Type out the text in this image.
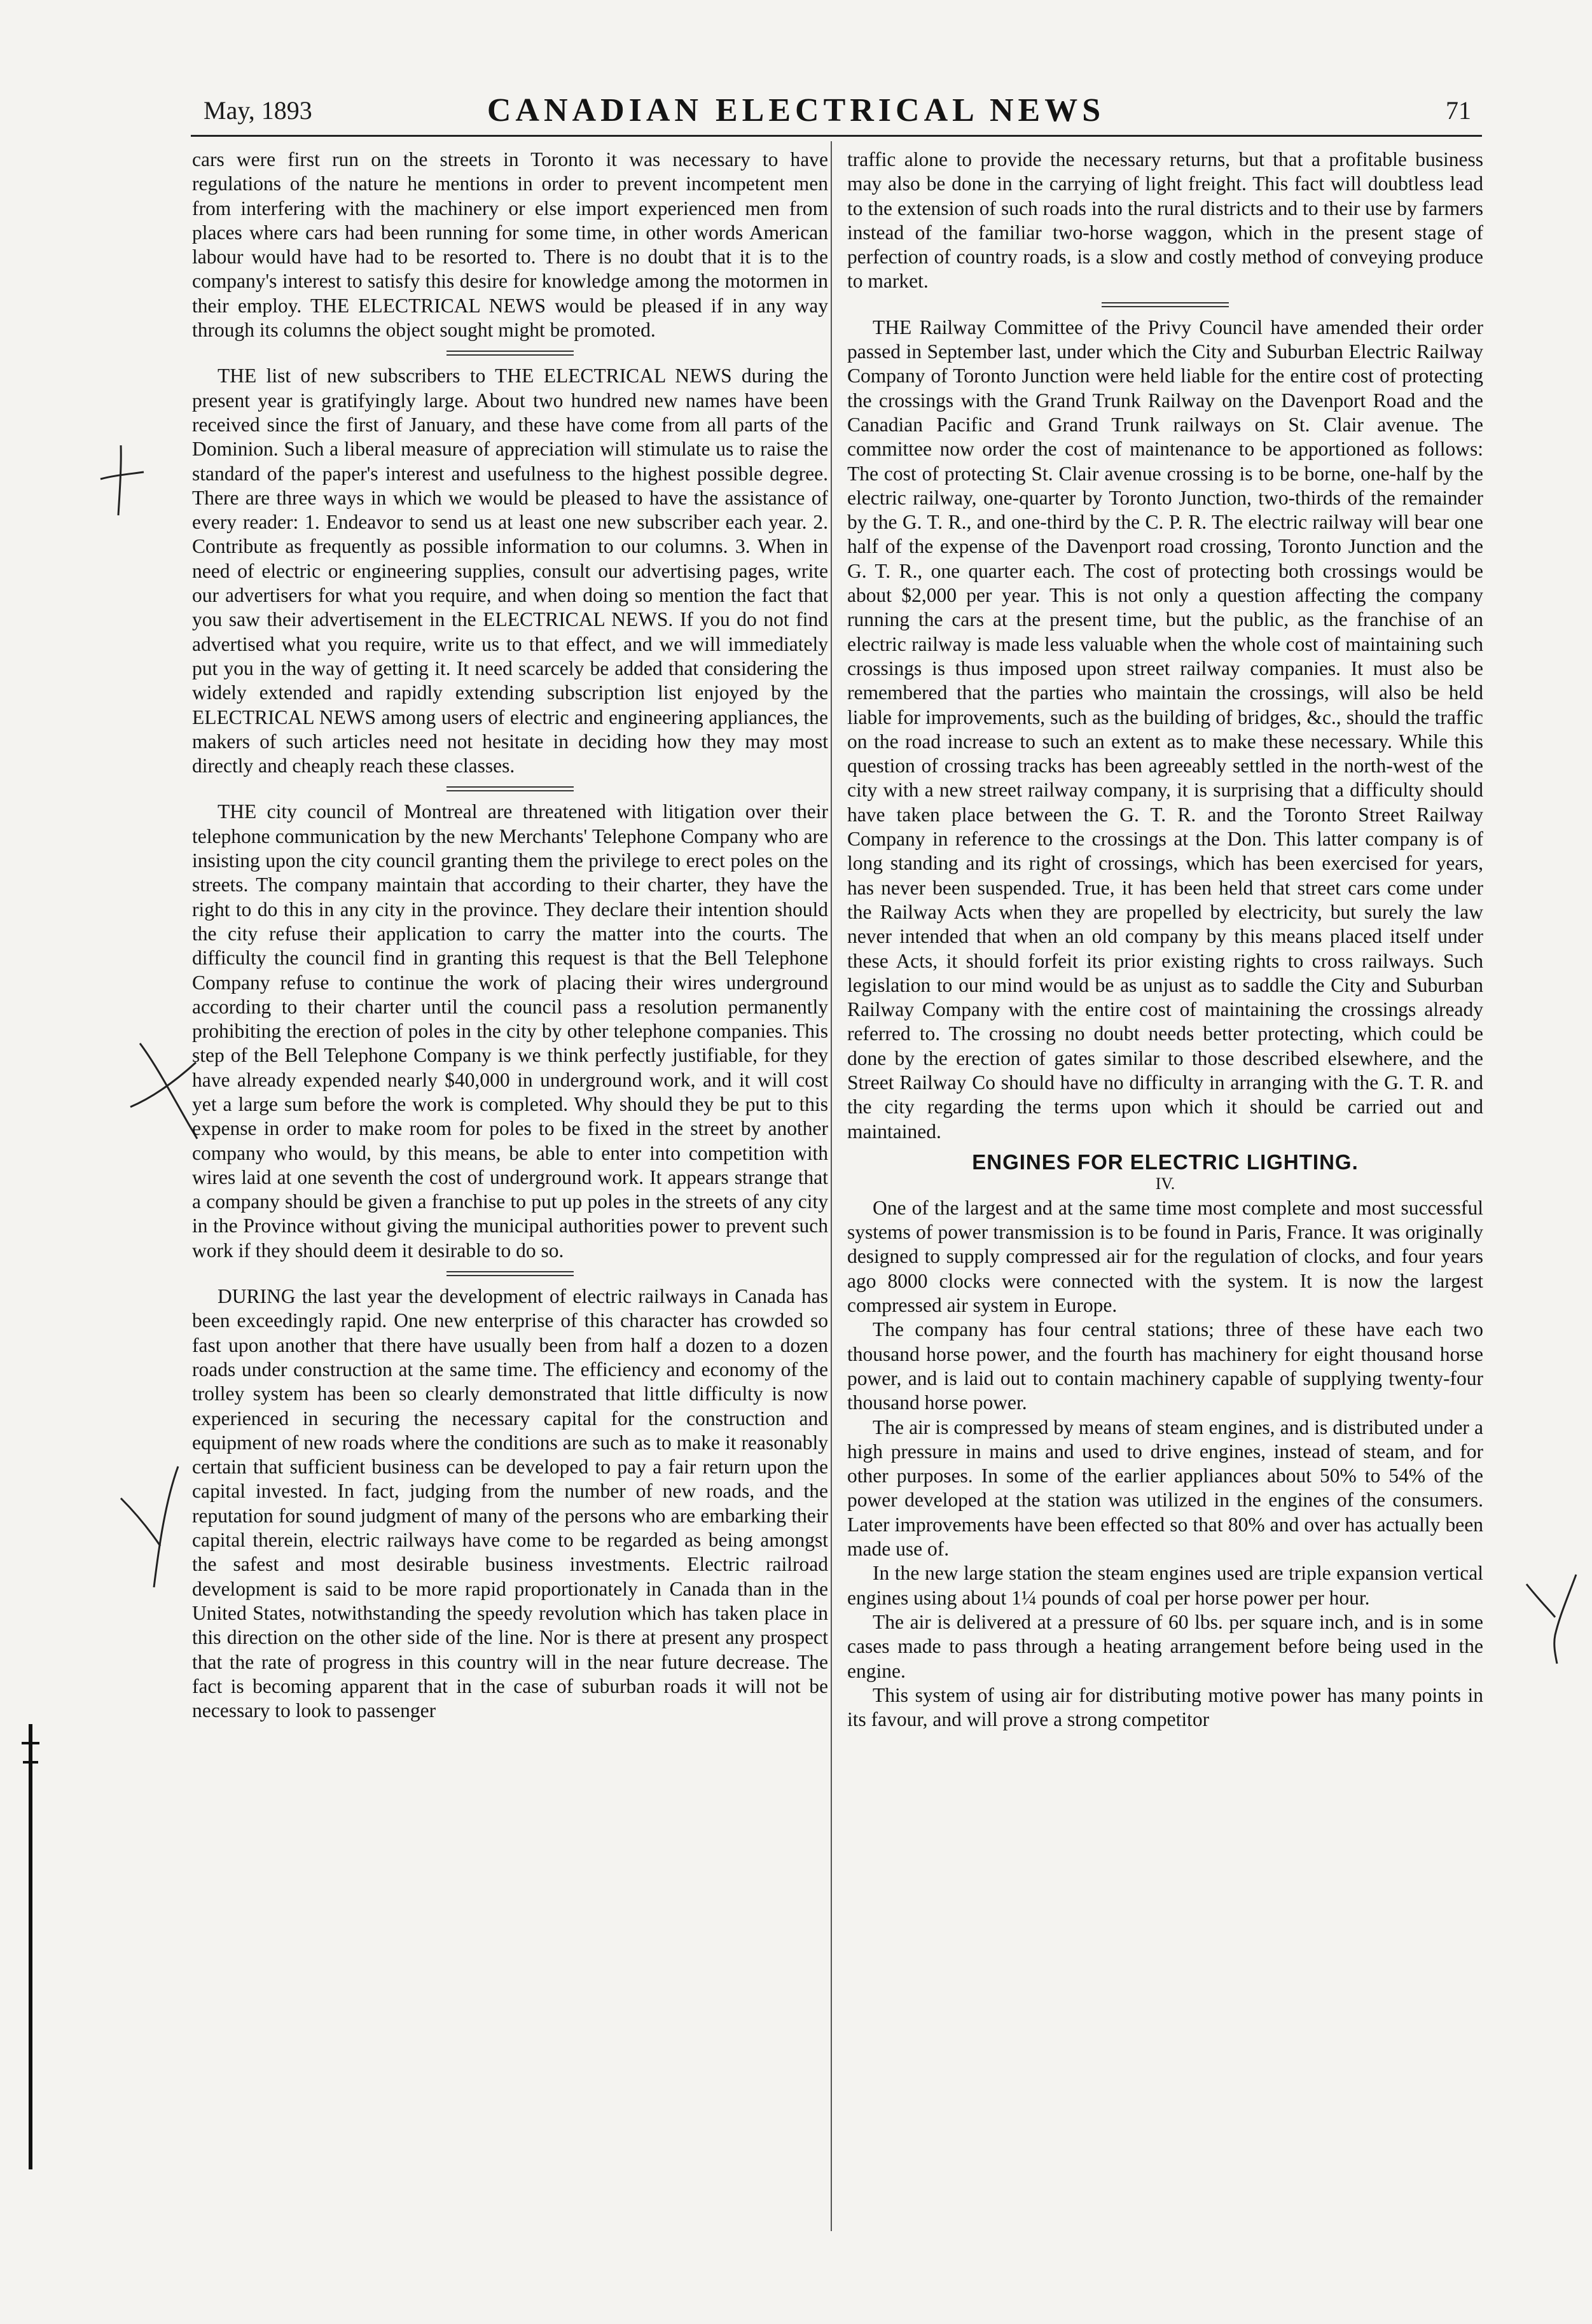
May, 1893	CANADIAN ELECTRICAL NEWS	71

cars were first run on the streets in Toronto it was necessary to have regulations of the nature he mentions in order to prevent incompetent men from interfering with the machinery or else import experienced men from places where cars had been running for some time, in other words American labour would have had to be resorted to. There is no doubt that it is to the company's interest to satisfy this desire for knowledge among the motormen in their employ. THE ELECTRICAL NEWS would be pleased if in any way through its columns the object sought might be promoted.

THE list of new subscribers to THE ELECTRICAL NEWS during the present year is gratifyingly large. About two hundred new names have been received since the first of January, and these have come from all parts of the Dominion. Such a liberal measure of appreciation will stimulate us to raise the standard of the paper's interest and usefulness to the highest possible degree. There are three ways in which we would be pleased to have the assistance of every reader: 1. Endeavor to send us at least one new subscriber each year. 2. Contribute as frequently as possible information to our columns. 3. When in need of electric or engineering supplies, consult our advertising pages, write our advertisers for what you require, and when doing so mention the fact that you saw their advertisement in the ELECTRICAL NEWS. If you do not find advertised what you require, write us to that effect, and we will immediately put you in the way of getting it. It need scarcely be added that considering the widely extended and rapidly extending subscription list enjoyed by the ELECTRICAL NEWS among users of electric and engineering appliances, the makers of such articles need not hesitate in deciding how they may most directly and cheaply reach these classes.

THE city council of Montreal are threatened with litigation over their telephone communication by the new Merchants' Telephone Company who are insisting upon the city council granting them the privilege to erect poles on the streets. The company maintain that according to their charter, they have the right to do this in any city in the province. They declare their intention should the city refuse their application to carry the matter into the courts. The difficulty the council find in granting this request is that the Bell Telephone Company refuse to continue the work of placing their wires underground according to their charter until the council pass a resolution permanently prohibiting the erection of poles in the city by other telephone companies. This step of the Bell Telephone Company is we think perfectly justifiable, for they have already expended nearly $40,000 in underground work, and it will cost yet a large sum before the work is completed. Why should they be put to this expense in order to make room for poles to be fixed in the street by another company who would, by this means, be able to enter into competition with wires laid at one seventh the cost of underground work. It appears strange that a company should be given a franchise to put up poles in the streets of any city in the Province without giving the municipal authorities power to prevent such work if they should deem it desirable to do so.

DURING the last year the development of electric railways in Canada has been exceedingly rapid. One new enterprise of this character has crowded so fast upon another that there have usually been from half a dozen to a dozen roads under construction at the same time. The efficiency and economy of the trolley system has been so clearly demonstrated that little difficulty is now experienced in securing the necessary capital for the construction and equipment of new roads where the conditions are such as to make it reasonably certain that sufficient business can be developed to pay a fair return upon the capital invested. In fact, judging from the number of new roads, and the reputation for sound judgment of many of the persons who are embarking their capital therein, electric railways have come to be regarded as being amongst the safest and most desirable business investments. Electric railroad development is said to be more rapid proportionately in Canada than in the United States, notwithstanding the speedy revolution which has taken place in this direction on the other side of the line. Nor is there at present any prospect that the rate of progress in this country will in the near future decrease. The fact is becoming apparent that in the case of suburban roads it will not be necessary to look to passenger

traffic alone to provide the necessary returns, but that a profitable business may also be done in the carrying of light freight. This fact will doubtless lead to the extension of such roads into the rural districts and to their use by farmers instead of the familiar two-horse waggon, which in the present stage of perfection of country roads, is a slow and costly method of conveying produce to market.

THE Railway Committee of the Privy Council have amended their order passed in September last, under which the City and Suburban Electric Railway Company of Toronto Junction were held liable for the entire cost of protecting the crossings with the Grand Trunk Railway on the Davenport Road and the Canadian Pacific and Grand Trunk railways on St. Clair avenue. The committee now order the cost of maintenance to be apportioned as follows: The cost of protecting St. Clair avenue crossing is to be borne, one-half by the electric railway, one-quarter by Toronto Junction, two-thirds of the remainder by the G. T. R., and one-third by the C. P. R. The electric railway will bear one half of the expense of the Davenport road crossing, Toronto Junction and the G. T. R., one quarter each. The cost of protecting both crossings would be about $2,000 per year. This is not only a question affecting the company running the cars at the present time, but the public, as the franchise of an electric railway is made less valuable when the whole cost of maintaining such crossings is thus imposed upon street railway companies. It must also be remembered that the parties who maintain the crossings, will also be held liable for improvements, such as the building of bridges, &c., should the traffic on the road increase to such an extent as to make these necessary. While this question of crossing tracks has been agreeably settled in the north-west of the city with a new street railway company, it is surprising that a difficulty should have taken place between the G. T. R. and the Toronto Street Railway Company in reference to the crossings at the Don. This latter company is of long standing and its right of crossings, which has been exercised for years, has never been suspended. True, it has been held that street cars come under the Railway Acts when they are propelled by electricity, but surely the law never intended that when an old company by this means placed itself under these Acts, it should forfeit its prior existing rights to cross railways. Such legislation to our mind would be as unjust as to saddle the City and Suburban Railway Company with the entire cost of maintaining the crossings already referred to. The crossing no doubt needs better protecting, which could be done by the erection of gates similar to those described elsewhere, and the Street Railway Co should have no difficulty in arranging with the G. T. R. and the city regarding the terms upon which it should be carried out and maintained.

ENGINES FOR ELECTRIC LIGHTING.
IV.

One of the largest and at the same time most complete and most successful systems of power transmission is to be found in Paris, France. It was originally designed to supply compressed air for the regulation of clocks, and four years ago 8000 clocks were connected with the system. It is now the largest compressed air system in Europe.

The company has four central stations; three of these have each two thousand horse power, and the fourth has machinery for eight thousand horse power, and is laid out to contain machinery capable of supplying twenty-four thousand horse power.

The air is compressed by means of steam engines, and is distributed under a high pressure in mains and used to drive engines, instead of steam, and for other purposes. In some of the earlier appliances about 50% to 54% of the power developed at the station was utilized in the engines of the consumers. Later improvements have been effected so that 80% and over has actually been made use of.

In the new large station the steam engines used are triple expansion vertical engines using about 1¼ pounds of coal per horse power per hour.

The air is delivered at a pressure of 60 lbs. per square inch, and is in some cases made to pass through a heating arrangement before being used in the engine.

This system of using air for distributing motive power has many points in its favour, and will prove a strong competitor
